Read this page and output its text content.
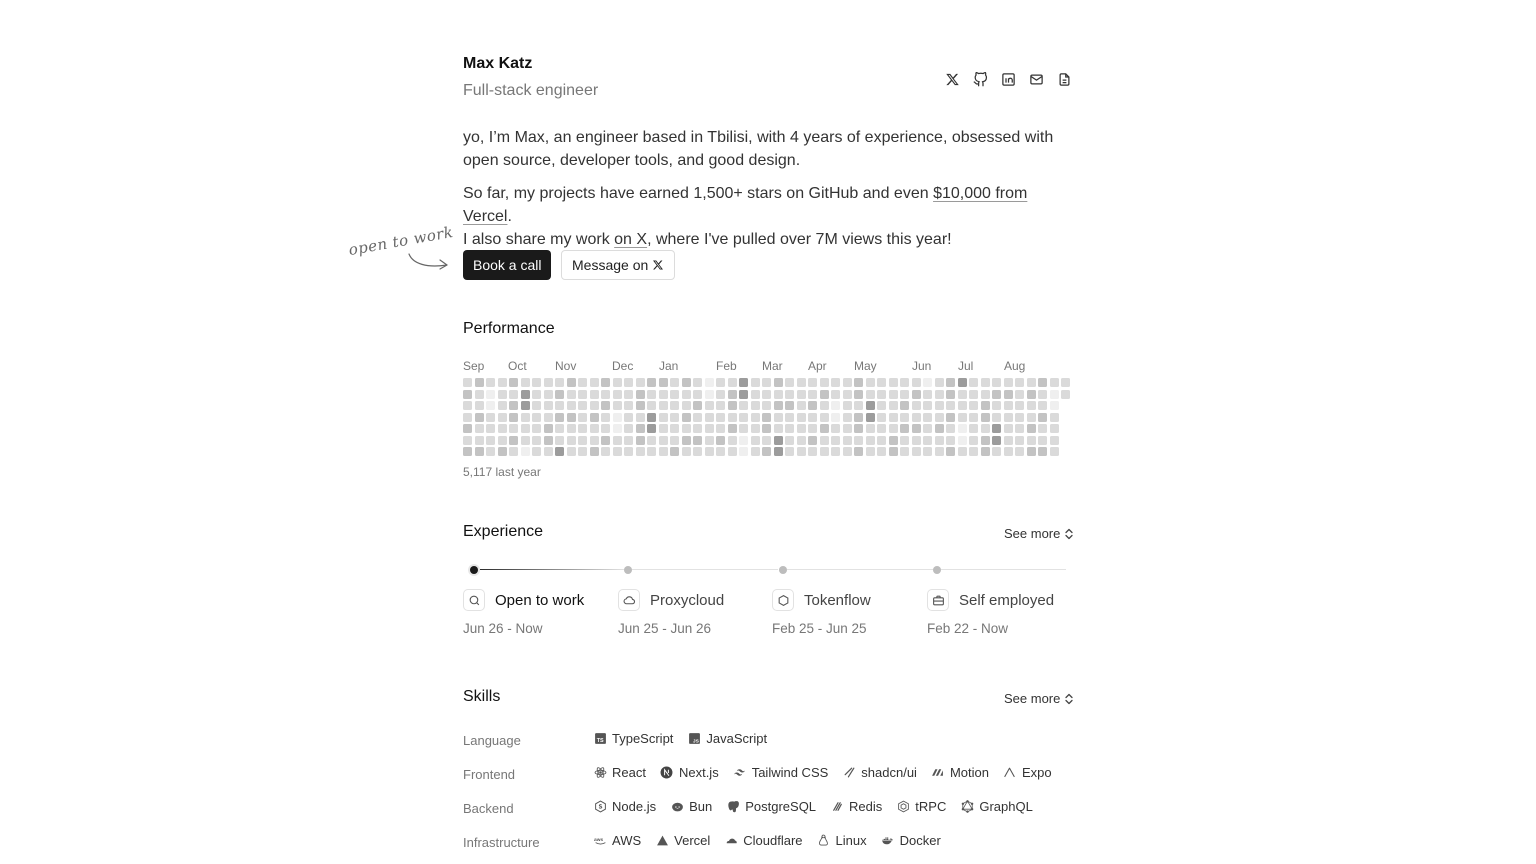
Max Katz
Full-stack engineer

yo, I’m Max, an engineer based in Tbilisi, with 4 years of experience, obsessed with open source, developer tools, and good design.

So far, my projects have earned 1,500+ stars on GitHub and even $10,000 from Vercel.
I also share my work on X, where I've pulled over 7M views this year!

open to work
Book a call	Message on
Performance
Sep Oct Nov	Dec Jan	Feb Mar Apr May	Jun Jul	Aug
5,117 last year
Experience	See more
Open to work	Proxycloud	Tokenflow	Self employed
Jun 26 - Now	Jun 25 - Jun 26	Feb 25 - Jun 25	Feb 22 - Now
Skills	See more
Language	TS TypeScript JS JavaScript
Frontend	React	Next.js	Tailwind CSS	shadcn/ui	Motion	Expo
Backend	Node.js	Bun	PostgreSQL	Redis	tRPC	GraphQL
Infrastructure	aws AWS	Vercel	Cloudflare	Linux	Docker
